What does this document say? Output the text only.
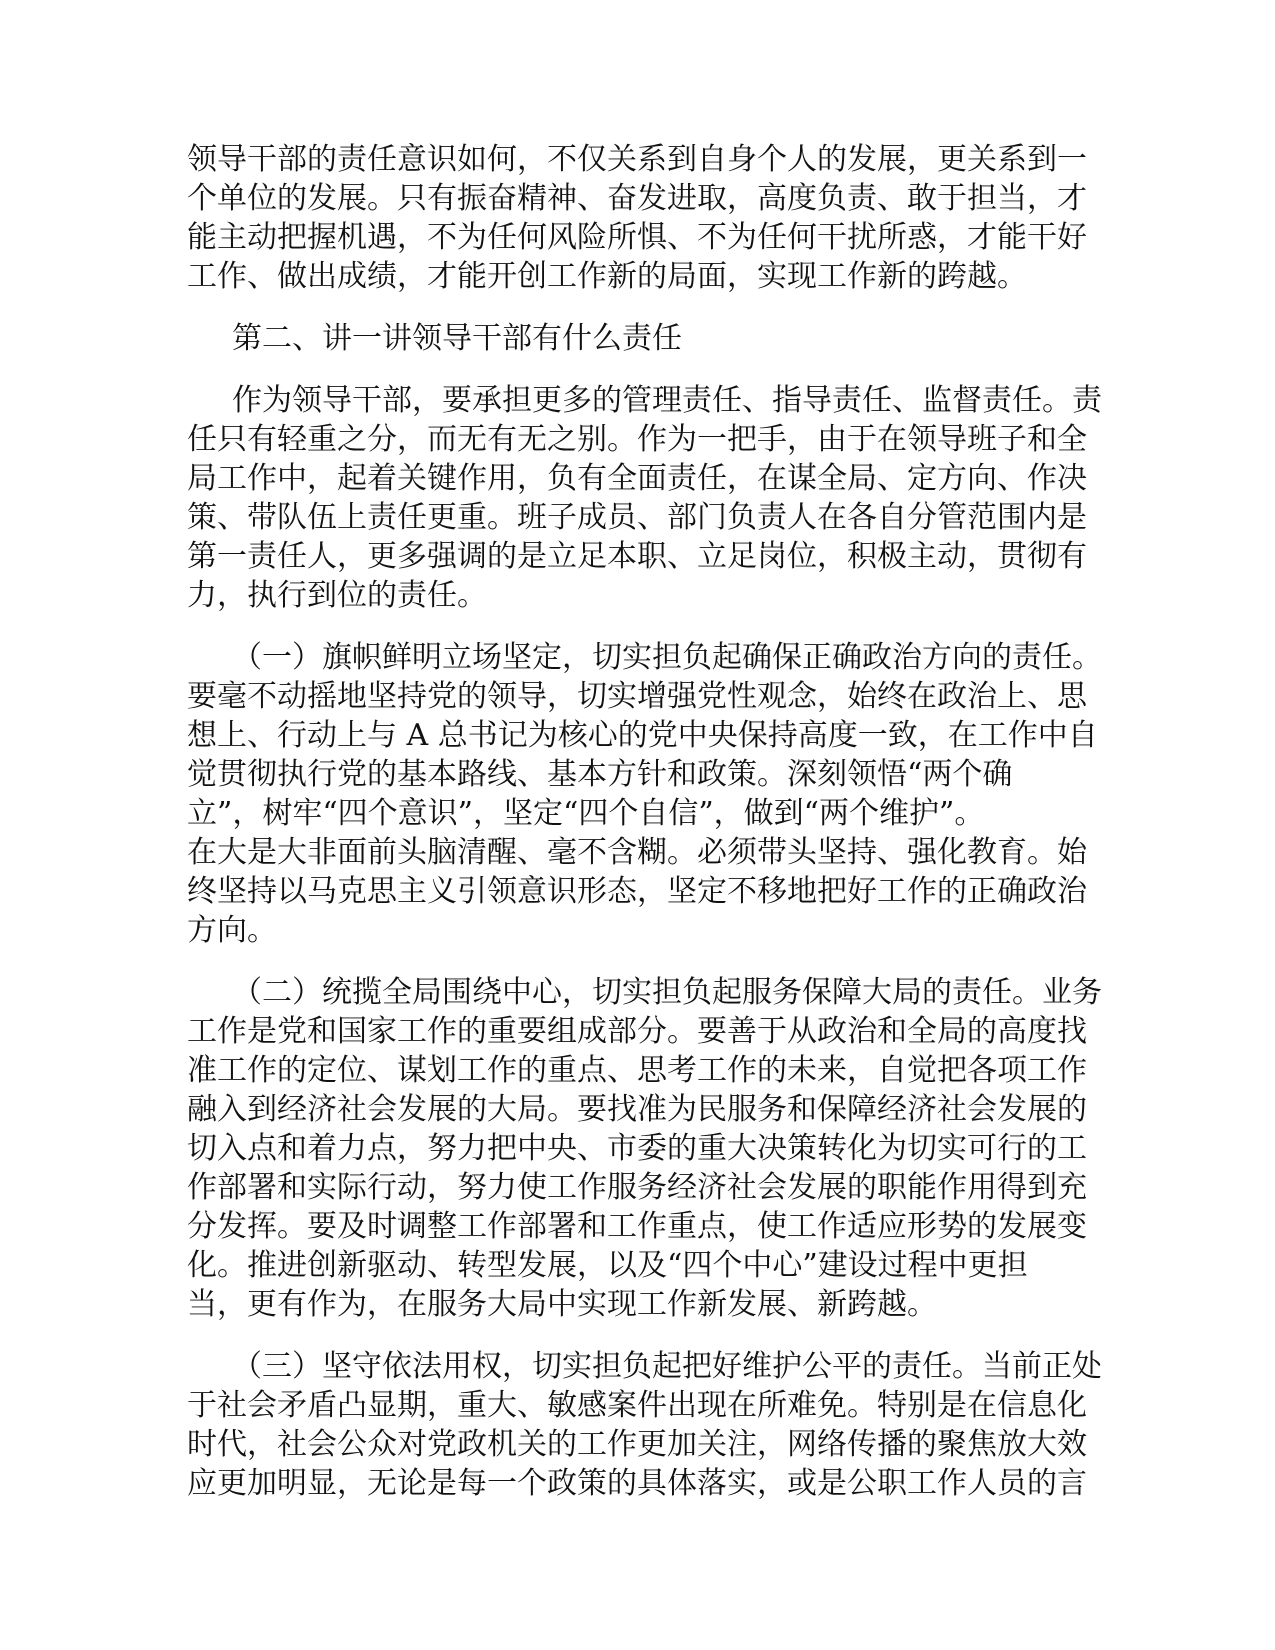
领导干部的责任意识如何，不仅关系到自身个人的发展，更关系到一
个单位的发展。只有振奋精神、奋发进取，高度负责、敢于担当，才
能主动把握机遇，不为任何风险所惧、不为任何干扰所惑，才能干好
工作、做出成绩，才能开创工作新的局面，实现工作新的跨越。
第二、讲一讲领导干部有什么责任
作为领导干部，要承担更多的管理责任、指导责任、监督责任。责
任只有轻重之分，而无有无之别。作为一把手，由于在领导班子和全
局工作中，起着关键作用，负有全面责任，在谋全局、定方向、作决
策、带队伍上责任更重。班子成员、部门负责人在各自分管范围内是
第一责任人，更多强调的是立足本职、立足岗位，积极主动，贯彻有
力，执行到位的责任。
（一）旗帜鲜明立场坚定，切实担负起确保正确政治方向的责任。
要毫不动摇地坚持党的领导，切实增强党性观念，始终在政治上、思
想上、行动上与 A 总书记为核心的党中央保持高度一致，在工作中自
觉贯彻执行党的基本路线、基本方针和政策。深刻领悟“两个确
立”，树牢“四个意识”，坚定“四个自信”，做到“两个维护”。
在大是大非面前头脑清醒、毫不含糊。必须带头坚持、强化教育。始
终坚持以马克思主义引领意识形态，坚定不移地把好工作的正确政治
方向。
（二）统揽全局围绕中心，切实担负起服务保障大局的责任。业务
工作是党和国家工作的重要组成部分。要善于从政治和全局的高度找
准工作的定位、谋划工作的重点、思考工作的未来，自觉把各项工作
融入到经济社会发展的大局。要找准为民服务和保障经济社会发展的
切入点和着力点，努力把中央、市委的重大决策转化为切实可行的工
作部署和实际行动，努力使工作服务经济社会发展的职能作用得到充
分发挥。要及时调整工作部署和工作重点，使工作适应形势的发展变
化。推进创新驱动、转型发展，以及“四个中心”建设过程中更担
当，更有作为，在服务大局中实现工作新发展、新跨越。
（三）坚守依法用权，切实担负起把好维护公平的责任。当前正处
于社会矛盾凸显期，重大、敏感案件出现在所难免。特别是在信息化
时代，社会公众对党政机关的工作更加关注，网络传播的聚焦放大效
应更加明显，无论是每一个政策的具体落实，或是公职工作人员的言
